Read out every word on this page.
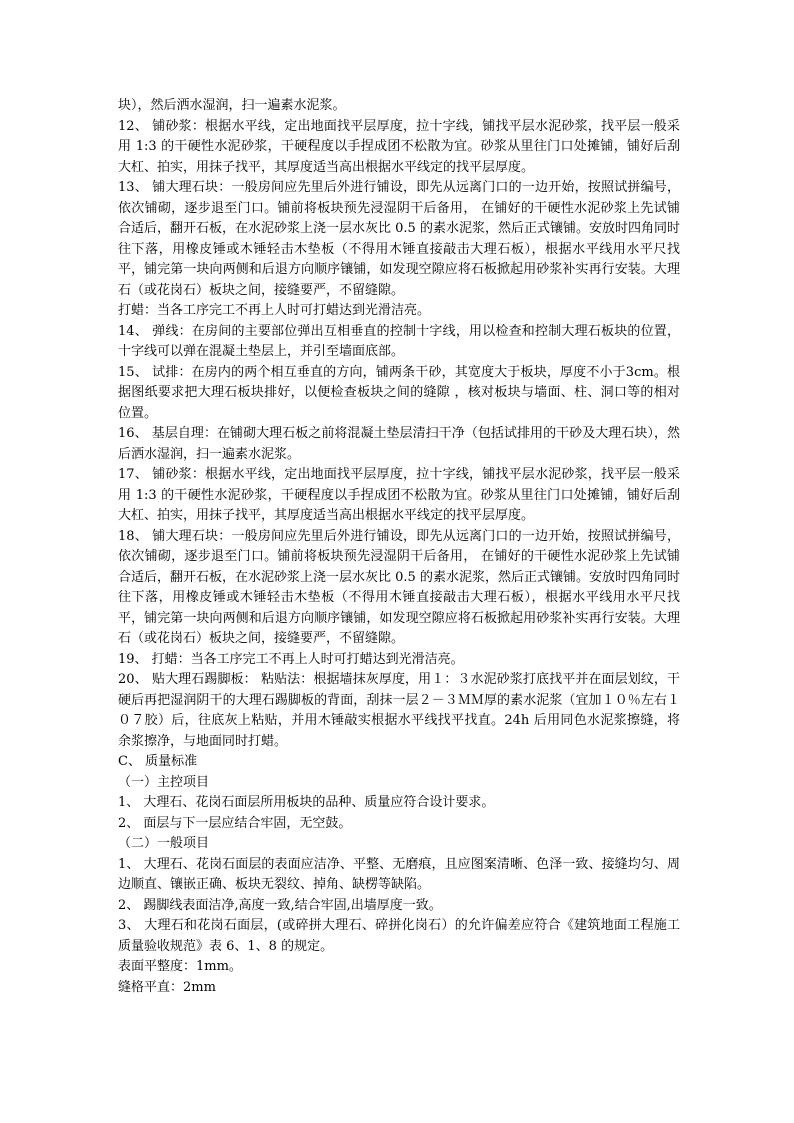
块），然后洒水湿润，扫一遍素水泥浆。

12、 铺砂浆：根据水平线，定出地面找平层厚度，拉十字线，铺找平层水泥砂浆，找平层一般采用 1:3 的干硬性水泥砂浆，干硬程度以手捏成团不松散为宜。砂浆从里往门口处摊铺，铺好后刮大杠、拍实，用抹子找平，其厚度适当高出根据水平线定的找平层厚度。

13、 铺大理石块：一般房间应先里后外进行铺设，即先从远离门口的一边开始，按照试拼编号，依次铺砌，逐步退至门口。铺前将板块预先浸湿阴干后备用， 在铺好的干硬性水泥砂浆上先试铺合适后，翻开石板，在水泥砂浆上浇一层水灰比 0.5 的素水泥浆，然后正式镶铺。安放时四角同时往下落，用橡皮锤或木锤轻击木垫板（不得用木锤直接敲击大理石板），根据水平线用水平尺找平，铺完第一块向两侧和后退方向顺序镶铺，如发现空隙应将石板掀起用砂浆补实再行安装。大理石（或花岗石）板块之间，接缝要严，不留缝隙。

打蜡：当各工序完工不再上人时可打蜡达到光滑洁亮。

14、 弹线：在房间的主要部位弹出互相垂直的控制十字线，用以检查和控制大理石板块的位置，十字线可以弹在混凝土垫层上，并引至墙面底部。

15、 试排：在房内的两个相互垂直的方向，铺两条干砂，其宽度大于板块，厚度不小于3cm。根据图纸要求把大理石板块排好，以便检查板块之间的缝隙 ，核对板块与墙面、柱、洞口等的相对位置。

16、 基层自理：在铺砌大理石板之前将混凝土垫层清扫干净（包括试排用的干砂及大理石块），然后洒水湿润，扫一遍素水泥浆。

17、 铺砂浆：根据水平线，定出地面找平层厚度，拉十字线，铺找平层水泥砂浆，找平层一般采用 1:3 的干硬性水泥砂浆，干硬程度以手捏成团不松散为宜。砂浆从里往门口处摊铺，铺好后刮大杠、拍实，用抹子找平，其厚度适当高出根据水平线定的找平层厚度。

18、 铺大理石块：一般房间应先里后外进行铺设，即先从远离门口的一边开始，按照试拼编号，依次铺砌，逐步退至门口。铺前将板块预先浸湿阴干后备用， 在铺好的干硬性水泥砂浆上先试铺合适后，翻开石板，在水泥砂浆上浇一层水灰比 0.5 的素水泥浆，然后正式镶铺。安放时四角同时往下落，用橡皮锤或木锤轻击木垫板（不得用木锤直接敲击大理石板），根据水平线用水平尺找平，铺完第一块向两侧和后退方向顺序镶铺，如发现空隙应将石板掀起用砂浆补实再行安装。大理石（或花岗石）板块之间，接缝要严，不留缝隙。

19、 打蜡：当各工序完工不再上人时可打蜡达到光滑洁亮。

20、 贴大理石踢脚板： 粘贴法：根据墙抹灰厚度，用１：３水泥砂浆打底找平并在面层划纹，干硬后再把湿润阴干的大理石踢脚板的背面，刮抹一层２－３ＭＭ厚的素水泥浆（宜加１０％左右１０７胶）后，往底灰上粘贴，并用木锤敲实根据水平线找平找直。24h 后用同色水泥浆擦缝，将余浆擦净，与地面同时打蜡。

C、 质量标准

（一）主控项目

1、 大理石、花岗石面层所用板块的品种、质量应符合设计要求。

2、 面层与下一层应结合牢固，无空鼓。

（二）一般项目

1、 大理石、花岗石面层的表面应洁净、平整、无磨痕，且应图案清晰、色泽一致、接缝均匀、周边顺直、镶嵌正确、板块无裂纹、掉角、缺楞等缺陷。

2、 踢脚线表面洁净,高度一致,结合牢固,出墙厚度一致。

3、 大理石和花岗石面层，(或碎拼大理石、碎拼化岗石）的允许偏差应符合《建筑地面工程施工质量验收规范》表 6、1、8 的规定。

表面平整度：1mm。

缝格平直：2mm
